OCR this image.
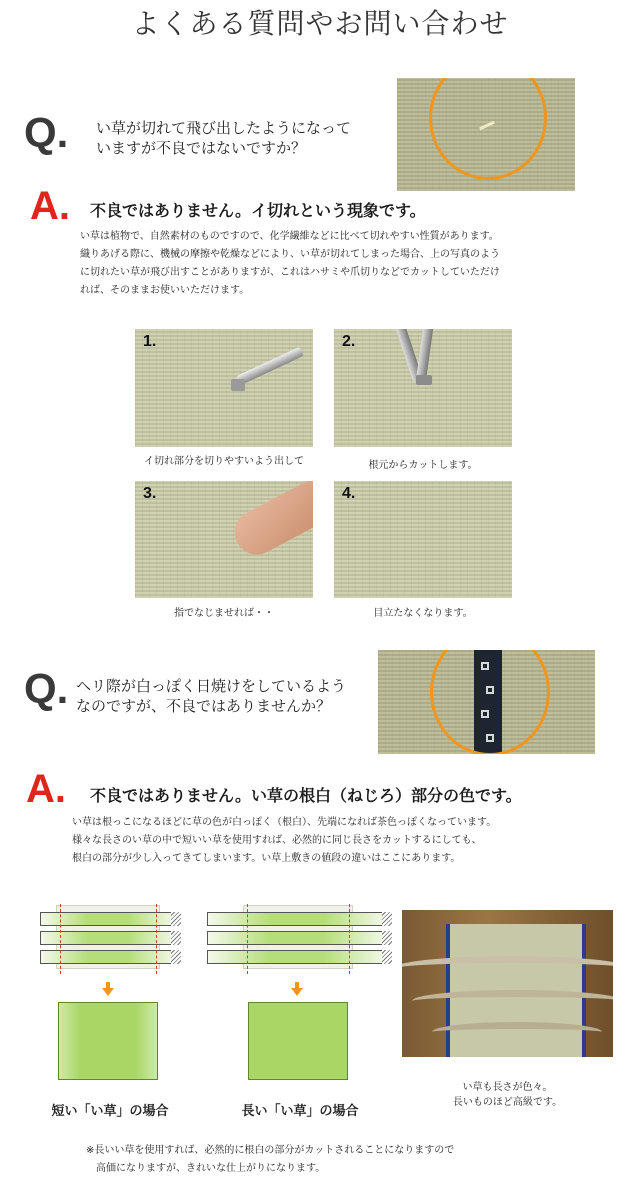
よくある質問やお問い合わせ
Q. い草が切れて飛び出したようになって
いますが不良ではないですか？
A. 不良ではありません。イ切れという現象です。
い草は植物で、自然素材のものですので、化学繊維などに比べて切れやすい性質があります。
織りあげる際に、機械の摩擦や乾燥などにより、い草が切れてしまった場合、上の写真のよう
に切れたい草が飛び出すことがありますが、これはハサミや爪切りなどでカットしていただけ
れば、そのままお使いいただけます。
1.
イ切れ部分を切りやすいよう出して
2.
根元からカットします。
3.
指でなじませれば・・
4.
目立たなくなります。
Q. ヘリ際が白っぽく日焼けをしているよう
なのですが、不良ではありませんか？
A. 不良ではありません。い草の根白（ねじろ）部分の色です。
い草は根っこになるほどに草の色が白っぽく（根白）、先端になれば茶色っぽくなっています。
様々な長さのい草の中で短いい草を使用すれば、必然的に同じ長さをカットするにしても、
根白の部分が少し入ってきてしまいます。い草上敷きの値段の違いはここにあります。
短い「い草」の場合	長い「い草」の場合
い草も長さが色々。
長いものほど高級です。
※長いい草を使用すれば、必然的に根白の部分がカットされることになりますので
　高価になりますが、きれいな仕上がりになります。
